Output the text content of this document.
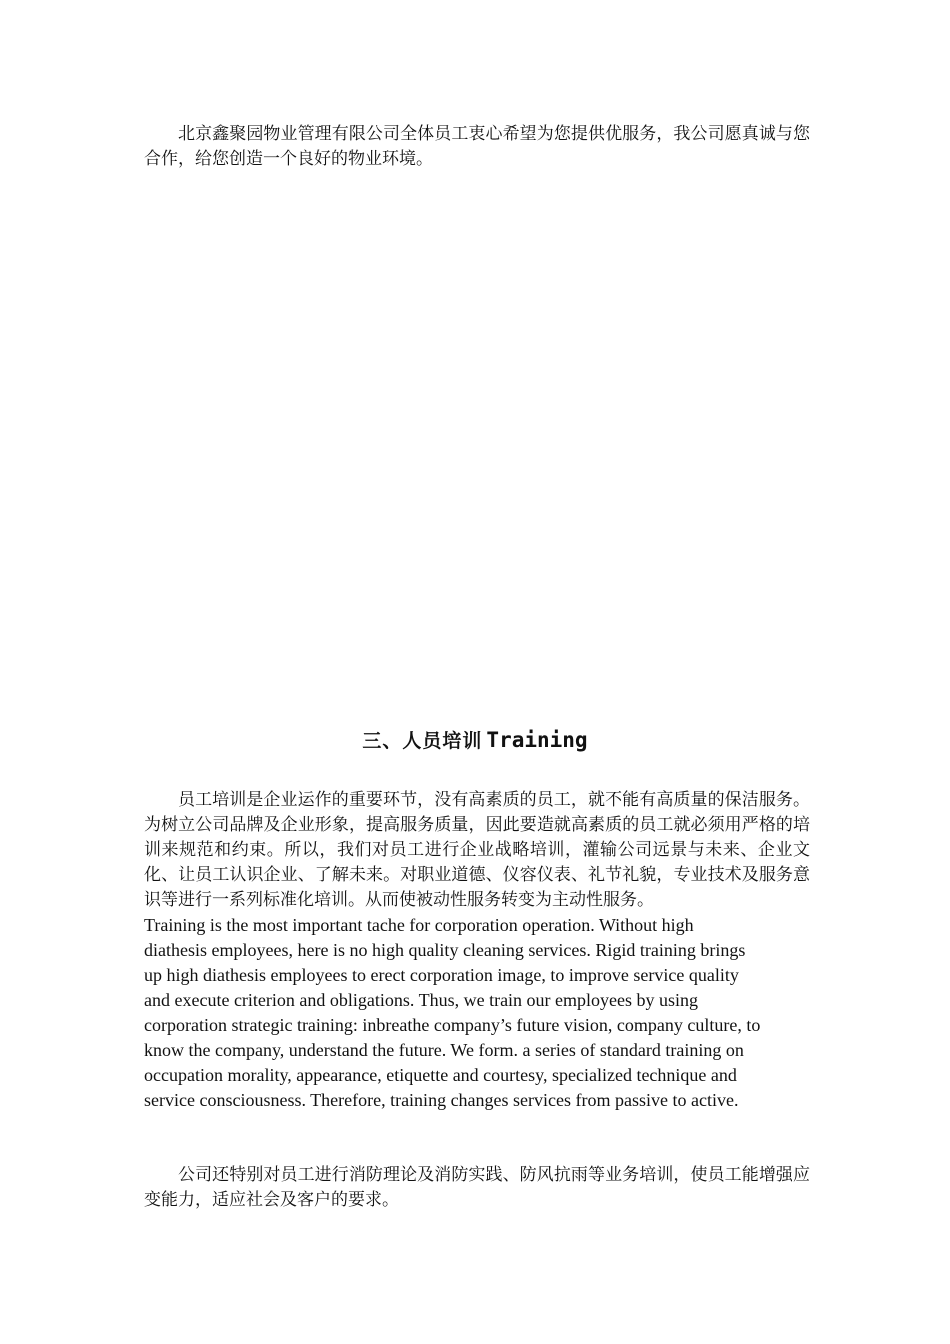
北京鑫聚园物业管理有限公司全体员工衷心希望为您提供优服务，我公司愿真诚与您合作，给您创造一个良好的物业环境。

三、人员培训 Training

员工培训是企业运作的重要环节，没有高素质的员工，就不能有高质量的保洁服务。为树立公司品牌及企业形象，提高服务质量，因此要造就高素质的员工就必须用严格的培训来规范和约束。所以，我们对员工进行企业战略培训，灌输公司远景与未来、企业文化、让员工认识企业、了解未来。对职业道德、仪容仪表、礼节礼貌，专业技术及服务意识等进行一系列标准化培训。从而使被动性服务转变为主动性服务。

Training is the most important tache for corporation operation. Without high
diathesis employees, here is no high quality cleaning services. Rigid training brings
up high diathesis employees to erect corporation image, to improve service quality
and execute criterion and obligations. Thus, we train our employees by using
corporation strategic training: inbreathe company’s future vision, company culture, to
know the company, understand the future. We form. a series of standard training on
occupation morality, appearance, etiquette and courtesy, specialized technique and
service consciousness. Therefore, training changes services from passive to active.

公司还特别对员工进行消防理论及消防实践、防风抗雨等业务培训，使员工能增强应变能力，适应社会及客户的要求。
